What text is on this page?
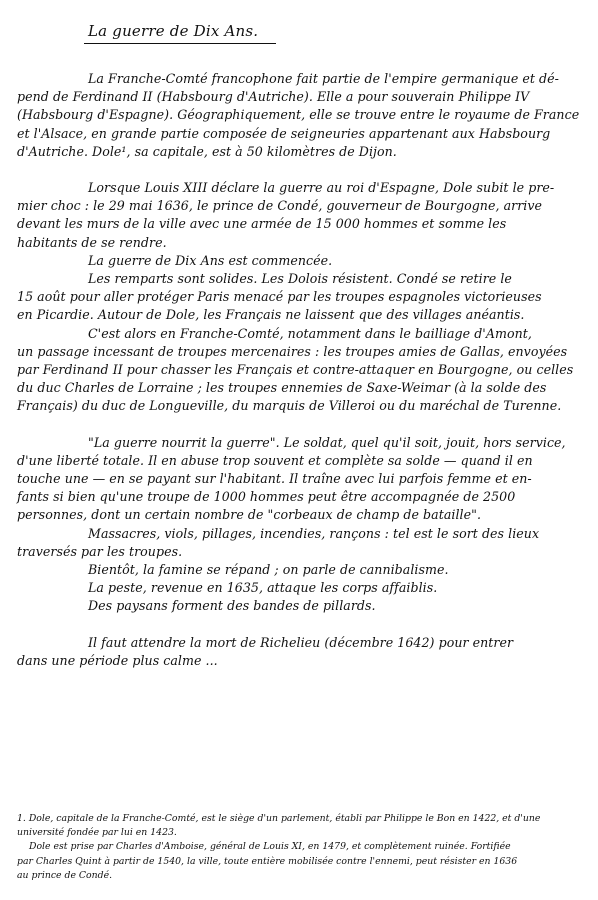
La guerre de Dix Ans.
La Franche-Comté francophone fait partie de l'empire germanique et dé-
pend de Ferdinand II (Habsbourg d'Autriche). Elle a pour souverain Philippe IV
(Habsbourg d'Espagne). Géographiquement, elle se trouve entre le royaume de France
et l'Alsace, en grande partie composée de seigneuries appartenant aux Habsbourg
d'Autriche. Dole¹, sa capitale, est à 50 kilomètres de Dijon.
Lorsque Louis XIII déclare la guerre au roi d'Espagne, Dole subit le pre-
mier choc : le 29 mai 1636, le prince de Condé, gouverneur de Bourgogne, arrive
devant les murs de la ville avec une armée de 15 000 hommes et somme les
habitants de se rendre.
La guerre de Dix Ans est commencée.
Les remparts sont solides. Les Dolois résistent. Condé se retire le
15 août pour aller protéger Paris menacé par les troupes espagnoles victorieuses
en Picardie. Autour de Dole, les Français ne laissent que des villages anéantis.
C'est alors en Franche-Comté, notamment dans le bailliage d'Amont,
un passage incessant de troupes mercenaires : les troupes amies de Gallas, envoyées
par Ferdinand II pour chasser les Français et contre-attaquer en Bourgogne, ou celles
du duc Charles de Lorraine ; les troupes ennemies de Saxe-Weimar (à la solde des
Français) du duc de Longueville, du marquis de Villeroi ou du maréchal de Turenne.
"La guerre nourrit la guerre". Le soldat, quel qu'il soit, jouit, hors service,
d'une liberté totale. Il en abuse trop souvent et complète sa solde — quand il en
touche une — en se payant sur l'habitant. Il traîne avec lui parfois femme et en-
fants si bien qu'une troupe de 1000 hommes peut être accompagnée de 2500
personnes, dont un certain nombre de "corbeaux de champ de bataille".
Massacres, viols, pillages, incendies, rançons : tel est le sort des lieux
traversés par les troupes.
Bientôt, la famine se répand ; on parle de cannibalisme.
La peste, revenue en 1635, attaque les corps affaiblis.
Des paysans forment des bandes de pillards.
Il faut attendre la mort de Richelieu (décembre 1642) pour entrer
dans une période plus calme ...
1. Dole, capitale de la Franche-Comté, est le siège d'un parlement, établi par Philippe le Bon en 1422, et d'une
université fondée par lui en 1423.
Dole est prise par Charles d'Amboise, général de Louis XI, en 1479, et complètement ruinée. Fortifiée
par Charles Quint à partir de 1540, la ville, toute entière mobilisée contre l'ennemi, peut résister en 1636
au prince de Condé.
